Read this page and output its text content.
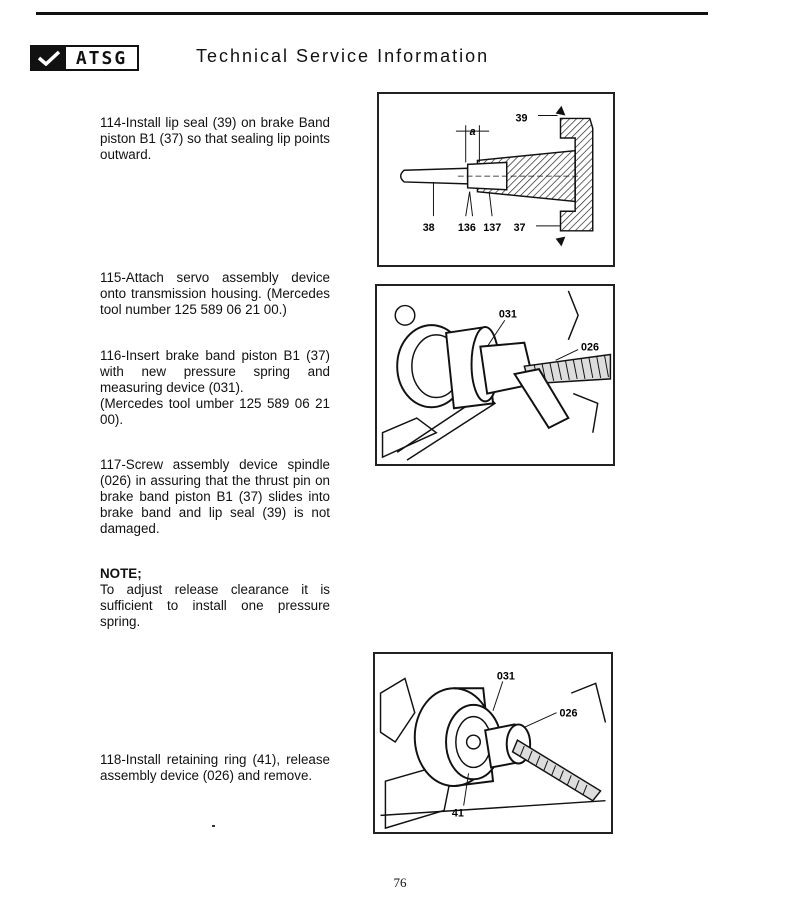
ATSG	Technical Service Information

114-Install lip seal (39) on brake Band piston B1 (37) so that sealing lip points outward.

115-Attach servo assembly device onto transmission housing. (Mercedes tool number 125 589 06 21 00.)

116-Insert brake band piston B1 (37) with new pressure spring and measuring device (031).

(Mercedes tool umber 125 589 06 21 00).

117-Screw assembly device spindle (026) in assuring that the thrust pin on brake band piston B1 (37) slides into brake band and lip seal (39) is not damaged.

NOTE;

To adjust release clearance it is sufficient to install one pressure spring.

118-Install retaining ring (41), release assembly device (026) and remove.

39
a
38 136 137 37
031
026
031
026
41
76
